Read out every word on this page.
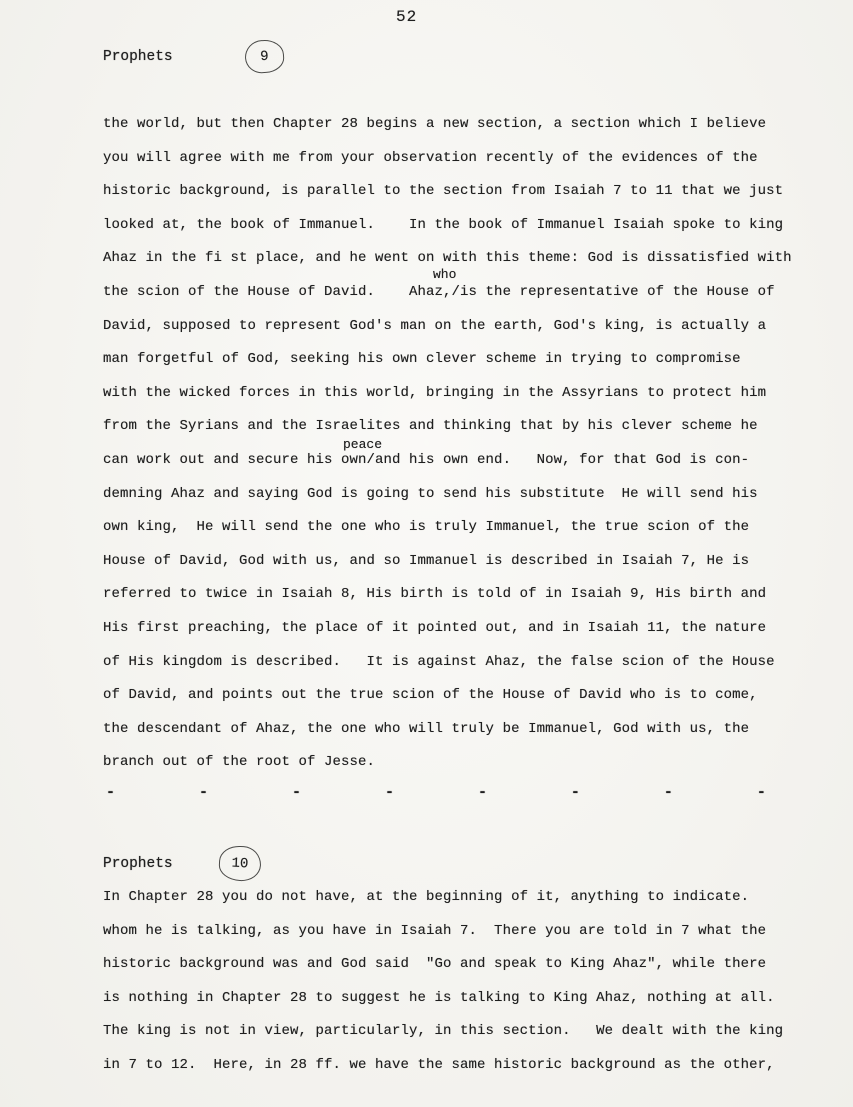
52
Prophets	9
the world, but then Chapter 28 begins a new section, a section which I believe
you will agree with me from your observation recently of the evidences of the
historic background, is parallel to the section from Isaiah 7 to 11 that we just
looked at, the book of Immanuel.    In the book of Immanuel Isaiah spoke to king
Ahaz in the fi st place, and he went on with this theme: God is dissatisfied with
the scion of the House of David.    Ahaz,/is the representative of the House of
David, supposed to represent God's man on the earth, God's king, is actually a
man forgetful of God, seeking his own clever scheme in trying to compromise
with the wicked forces in this world, bringing in the Assyrians to protect him
from the Syrians and the Israelites and thinking that by his clever scheme he
can work out and secure his own/and his own end.   Now, for that God is con-
demning Ahaz and saying God is going to send his substitute  He will send his
own king,  He will send the one who is truly Immanuel, the true scion of the
House of David, God with us, and so Immanuel is described in Isaiah 7, He is
referred to twice in Isaiah 8, His birth is told of in Isaiah 9, His birth and
His first preaching, the place of it pointed out, and in Isaiah 11, the nature
of His kingdom is described.   It is against Ahaz, the false scion of the House
of David, and points out the true scion of the House of David who is to come,
the descendant of Ahaz, the one who will truly be Immanuel, God with us, the
branch out of the root of Jesse.
who
peace
-	-	-	-	-	-	-	-
Prophets	10
In Chapter 28 you do not have, at the beginning of it, anything to indicate.
whom he is talking, as you have in Isaiah 7.  There you are told in 7 what the
historic background was and God said  "Go and speak to King Ahaz", while there
is nothing in Chapter 28 to suggest he is talking to King Ahaz, nothing at all.
The king is not in view, particularly, in this section.   We dealt with the king
in 7 to 12.  Here, in 28 ff. we have the same historic background as the other,
